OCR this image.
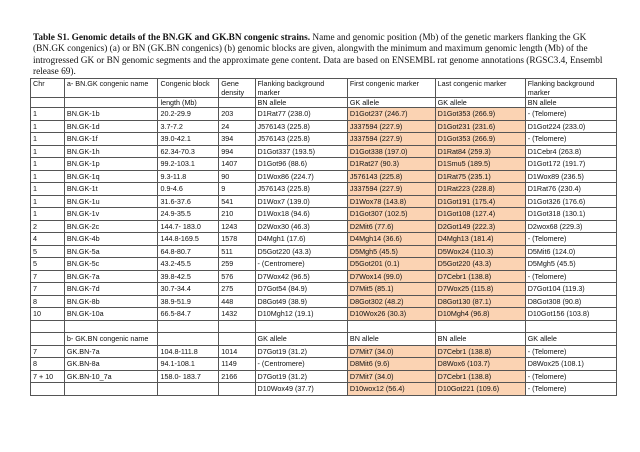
Table S1. Genomic details of the BN.GK and GK.BN congenic strains. Name and genomic position (Mb) of the genetic markers flanking the GK (BN.GK congenics) (a) or BN (GK.BN congenics) (b) genomic blocks are given, alongwith the minimum and maximum genomic length (Mb) of the introgressed GK or BN genomic segments and the approximate gene content. Data are based on ENSEMBL rat genome annotations (RGSC3.4, Ensembl release 69).
Chr	a- BN.GK congenic name	Congenic block	Gene density	Flanking background marker	First congenic marker	Last congenic marker	Flanking background marker
		length (Mb)		BN allele	GK allele	GK allele	BN allele
1	BN.GK-1b	20.2-29.9	203	D1Rat77 (238.0)	D1Got237 (246.7)	D1Got353 (266.9)	- (Telomere)
1	BN.GK-1d	3.7-7.2	24	J576143 (225.8)	J337594 (227.9)	D1Got231 (231.6)	D1Got224 (233.0)
1	BN.GK-1f	39.0-42.1	394	J576143 (225.8)	J337594 (227.9)	D1Got353 (266.9)	- (Telomere)
1	BN.GK-1h	62.34-70.3	994	D1Got337 (193.5)	D1Got338 (197.0)	D1Rat84 (259.3)	D1Cebr4 (263.8)
1	BN.GK-1p	99.2-103.1	1407	D1Got96 (88.6)	D1Rat27 (90.3)	D1Smu5 (189.5)	D1Got172 (191.7)
1	BN.GK-1q	9.3-11.8	90	D1Wox86 (224.7)	J576143 (225.8)	D1Rat75 (235.1)	D1Wox89 (236.5)
1	BN.GK-1t	0.9-4.6	9	J576143 (225.8)	J337594 (227.9)	D1Rat223 (228.8)	D1Rat76 (230.4)
1	BN.GK-1u	31.6-37.6	541	D1Wox7 (139.0)	D1Wox78 (143.8)	D1Got191 (175.4)	D1Got326 (176.6)
1	BN.GK-1v	24.9-35.5	210	D1Wox18 (94.6)	D1Got307 (102.5)	D1Got108 (127.4)	D1Got318 (130.1)
2	BN.GK-2c	144.7- 183.0	1243	D2Wox30 (46.3)	D2Mit6 (77.6)	D2Got149 (222.3)	D2wox68 (229.3)
4	BN.GK-4b	144.8-169.5	1578	D4Mgh1 (17.6)	D4Mgh14 (36.6)	D4Mgh13 (181.4)	- (Telomere)
5	BN.GK-5a	64.8-80.7	511	D5Got220 (43.3)	D5Mgh5 (45.5)	D5Wox24 (110.3)	D5Mit6 (124.0)
5	BN.GK-5c	43.2-45.5	259	- (Centromere)	D5Got201 (0.1)	D5Got220 (43.3)	D5Mgh5 (45.5)
7	BN.GK-7a	39.8-42.5	576	D7Wox42 (96.5)	D7Wox14 (99.0)	D7Cebr1 (138.8)	- (Telomere)
7	BN.GK-7d	30.7-34.4	275	D7Got54 (84.9)	D7Mit5 (85.1)	D7Wox25 (115.8)	D7Got104 (119.3)
8	BN.GK-8b	38.9-51.9	448	D8Got49 (38.9)	D8Got302 (48.2)	D8Got130 (87.1)	D8Got308 (90.8)
10	BN.GK-10a	66.5-84.7	1432	D10Mgh12 (19.1)	D10Wox26 (30.3)	D10Mgh4 (96.8)	D10Got156 (103.8)

	b- GK.BN congenic name			GK allele	BN allele	BN allele	GK allele
7	GK.BN-7a	104.8-111.8	1014	D7Got19 (31.2)	D7Mit7 (34.0)	D7Cebr1 (138.8)	- (Telomere)
8	GK.BN-8a	94.1-108.1	1149	- (Centromere)	D8Mit6 (9.6)	D8Wox6 (103.7)	D8Wox25 (108.1)
7 + 10	GK.BN-10_7a	158.0- 183.7	2166	D7Got19 (31.2)	D7Mit7 (34.0)	D7Cebr1 (138.8)	- (Telomere)
				D10Wox49 (37.7)	D10wox12 (56.4)	D10Got221 (109.6)	- (Telomere)
